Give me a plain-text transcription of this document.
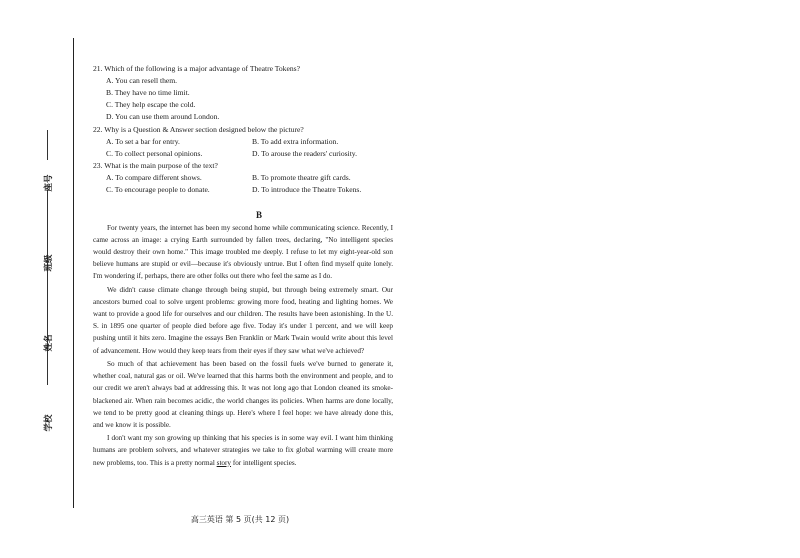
学校
姓名
班级
座号
21. Which of the following is a major advantage of Theatre Tokens?
A. You can resell them.
B. They have no time limit.
C. They help escape the cold.
D. You can use them around London.
22. Why is a Question & Answer section designed below the picture?
A. To set a bar for entry.	B. To add extra information.
C. To collect personal opinions.	D. To arouse the readers' curiosity.
23. What is the main purpose of the text?
A. To compare different shows.	B. To promote theatre gift cards.
C. To encourage people to donate.	D. To introduce the Theatre Tokens.
B

For twenty years, the internet has been my second home while communicating science. Recently, I came across an image: a crying Earth surrounded by fallen trees, declaring, "No intelligent species would destroy their own home." This image troubled me deeply. I refuse to let my eight-year-old son believe humans are stupid or evil—because it's obviously untrue. But I often find myself quite lonely. I'm wondering if, perhaps, there are other folks out there who feel the same as I do.

We didn't cause climate change through being stupid, but through being extremely smart. Our ancestors burned coal to solve urgent problems: growing more food, heating and lighting homes. We want to provide a good life for ourselves and our children. The results have been astonishing. In the U. S. in 1895 one quarter of people died before age five. Today it's under 1 percent, and we will keep pushing until it hits zero. Imagine the essays Ben Franklin or Mark Twain would write about this level of advancement. How would they keep tears from their eyes if they saw what we've achieved?

So much of that achievement has been based on the fossil fuels we've burned to generate it, whether coal, natural gas or oil. We've learned that this harms both the environment and people, and to our credit we aren't always bad at addressing this. It was not long ago that London cleaned its smoke-blackened air. When rain becomes acidic, the world changes its policies. When harms are done locally, we tend to be pretty good at cleaning things up. Here's where I feel hope: we have already done this, and we know it is possible.

I don't want my son growing up thinking that his species is in some way evil. I want him thinking humans are problem solvers, and whatever strategies we take to fix global warming will create more new problems, too. This is a pretty normal story for intelligent species.

高三英语 第 5 页(共 12 页)
